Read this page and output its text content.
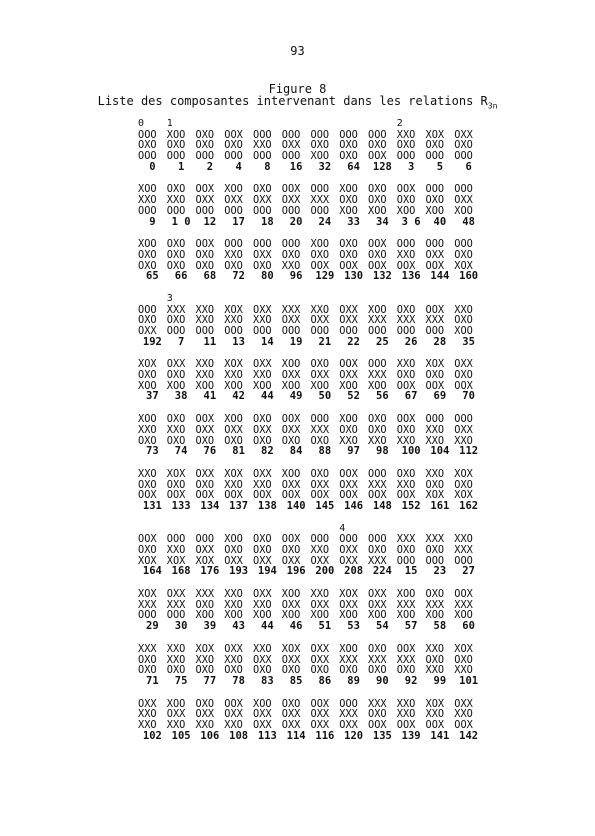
93
Figure 8
Liste des composantes intervenant dans les relations $R_{3n}$
0	1	2
OOO XOO OXO OOX OOO OOO OOO OOO OOO XXO XOX OXX
OXO OXO OXO OXO XXO OXX OXO OXO OXO OXO OXO OXO
OOO OOO OOO OOO OOO OOO XOO OXO OOX OOO OOO OOO
0	1	2	4	8	16	32	64	128	3	5	6
XOO OXO OOX XOO OXO OOX OOO XOO OXO OOX OOO OOO
XXO XXO OXX OXX OXX OXX XXX OXO OXO OXO OXO OXX
OOO OOO OOO OOO OOO OOO OOO XOO XOO XOO XOO XOO
9	1 0	12	17	18	20	24	33	34	3 6	40	48
XOO OXO OOX OOO OOO OOO XOO OXO OOX OOO OOO OOO
OXO OXO OXO XXO OXX OXO OXO OXO OXO XXO OXX OXO
OXO OXO OXO OXO OXO XXO OOX OOX OOX OOX OOX XOX
65	66	68	72	80	96	129 130 132 136 144 160
3
OOO XXX XXO XOX OXX XXX XXO OXX XOO OXO OOX XXO
OXO OXO XXO XXO XXO OXX OXX OXX XXX XXX XXX OXO
OXX OOO OOO OOO OOO OOO OOO OOO OOO OOO OOO XOO
192	7	11	13	14	19	21	22	25	26	28	35
XOX OXX XXO XOX OXX XOO OXO OOX OOO XXO XOX OXX
OXO OXO XXO XXO XXO OXX OXX OXX XXX OXO OXO OXO
XOO XOO XOO XOO XOO XOO XOO XOO XOO OOX OOX OOX
37	38	41	42	44	49	50	52	56	67	69	70
XOO OXO OOX XOO OXO OOX OOO XOO OXO OOX OOO OOO
XXO XXO OXX OXX OXX OXX XXX OXO OXO OXO XXO OXX
OXO OXO OXO OXO OXO OXO OXO XXO XXO XXO XXO XXO
73	74	76	81	82	84	88	97	98	100 104 112
XXO XOX OXX XOX OXX XOO OXO OOX OOO OXO XXO XOX
OXO OXO OXO XXO XXO OXX OXX OXX XXX XXO OXO OXO
OOX OOX OOX OOX OOX OOX OOX OOX OOX OOX XOX XOX
131 133 134 137 138 140 145 146 148 152 161 162
4
OOX OOO OOO XOO OXO OOX OOO OOO OOO XXX XXX XXO
OXO XXO OXX OXO OXO OXO XXO OXX OXO OXO OXO XXX
XOX XOX XOX OXX OXX OXX OXX OXX XXX OOO OOO OOO
164 168 176 193 194 196 200 208 224	15	23	27
XOX OXX XXX XXO OXX XOO XXO XOX OXX XOO OXO OOX
XXX XXX OXO XXO XXO OXX OXX OXX OXX XXX XXX XXX
OOO OOO XOO XOO XOO XOO XOO XOO XOO XOO XOO XOO
29	30	39	43	44	46	51	53	54	57	58	60
XXX XXO XOX OXX XXO XOX OXX XOO OXO OOX XXO XOX
OXO XXO XXO XXO OXX OXX OXX XXX XXX XXX OXO OXO
OXO OXO OXO OXO OXO OXO OXO OXO OXO OXO XXO XXO
71	75	77	78	83	85	86	89	90	92	99	101
OXX XOO OXO OOX XOO OXO OOX OOO XXX XXO XOX OXX
XXO OXX OXX OXX OXX OXX OXX XXX OXO XXO XXO XXO
XXO XXO XXO XXO OXX OXX OXX OXX OOX OOX OOX OOX
102 105 106 108 113 114 116 120 135 139 141 142
